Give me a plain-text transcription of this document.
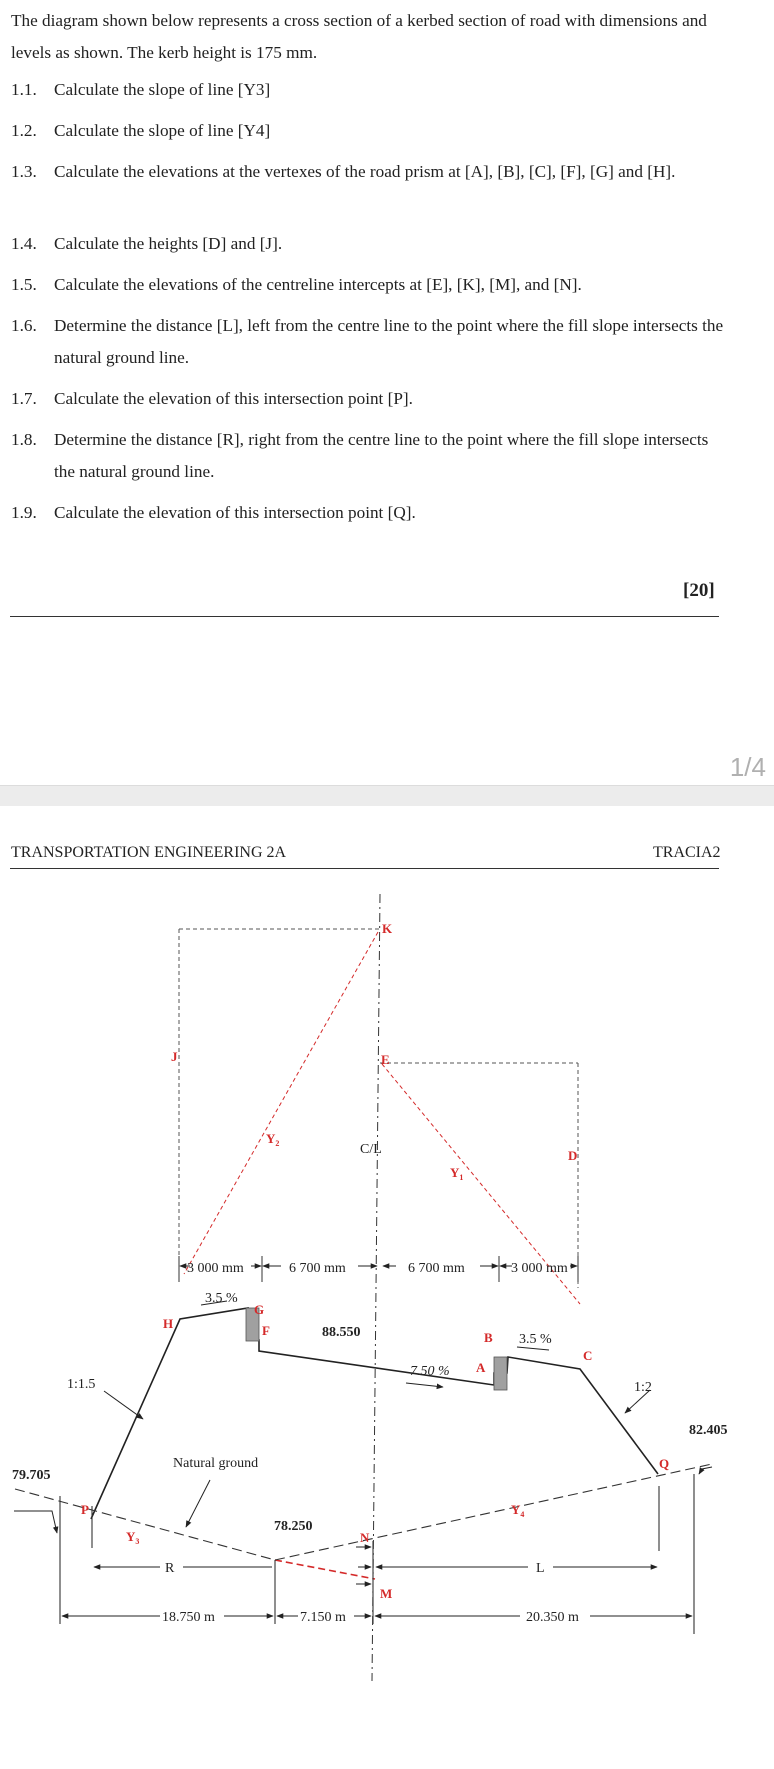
The diagram shown below represents a cross section of a kerbed section of road with dimensions and levels as shown. The kerb height is 175 mm.

1.1. Calculate the slope of line [Y3]
1.2. Calculate the slope of line [Y4]
1.3. Calculate the elevations at the vertexes of the road prism at [A], [B], [C], [F], [G] and [H].
1.4. Calculate the heights [D] and [J].
1.5. Calculate the elevations of the centreline intercepts at [E], [K], [M], and [N].
1.6. Determine the distance [L], left from the centre line to the point where the fill slope intersects the natural ground line.
1.7. Calculate the elevation of this intersection point [P].
1.8. Determine the distance [R], right from the centre line to the point where the fill slope intersects the natural ground line.
1.9. Calculate the elevation of this intersection point [Q].
[20]
1/4
TRANSPORTATION ENGINEERING 2A	TRACIA2
K
E
J
D
H
G
F
A
B
C
P
Q
N
M
$Y_2$
$Y_1$
$Y_3$
$Y_4$
C/L
3 000 mm	6 700 mm	6 700 mm	3 000 mm
18.750 m	7.150 m	20.350 m
R	L
3.5 %
7.50 %
3.5 %
1:1.5	1:2
88.550
78.250
79.705
82.405
Natural ground
